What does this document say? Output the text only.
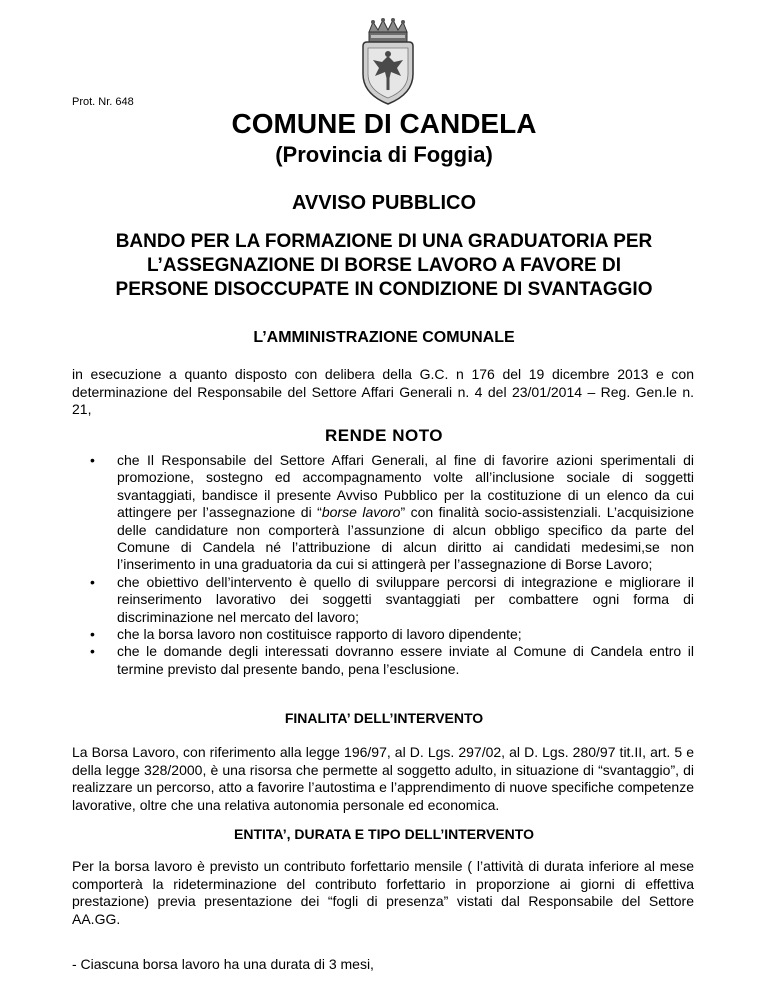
Prot. Nr. 648
COMUNE DI CANDELA
(Provincia di Foggia)
AVVISO PUBBLICO
BANDO PER LA FORMAZIONE DI UNA GRADUATORIA PER
L’ASSEGNAZIONE DI BORSE LAVORO A FAVORE DI
PERSONE DISOCCUPATE IN CONDIZIONE DI SVANTAGGIO
L’AMMINISTRAZIONE COMUNALE
in esecuzione a quanto disposto con delibera della G.C. n 176 del 19 dicembre 2013 e con determinazione del Responsabile del Settore Affari Generali n. 4 del 23/01/2014 – Reg. Gen.le n. 21,
RENDE NOTO
• che Il Responsabile del Settore Affari Generali, al fine di favorire azioni sperimentali di promozione, sostegno ed accompagnamento volte all’inclusione sociale di soggetti svantaggiati, bandisce il presente Avviso Pubblico per la costituzione di un elenco da cui attingere per l’assegnazione di “borse lavoro” con finalità socio-assistenziali. L’acquisizione delle candidature non comporterà l’assunzione di alcun obbligo specifico da parte del Comune di Candela né l’attribuzione di alcun diritto ai candidati medesimi,se non l’inserimento in una graduatoria da cui si attingerà per l’assegnazione di Borse Lavoro;
• che obiettivo dell’intervento è quello di sviluppare percorsi di integrazione e migliorare il reinserimento lavorativo dei soggetti svantaggiati per combattere ogni forma di discriminazione nel mercato del lavoro;
• che la borsa lavoro non costituisce rapporto di lavoro dipendente;
• che le domande degli interessati dovranno essere inviate al Comune di Candela entro il termine previsto dal presente bando, pena l’esclusione.
FINALITA’ DELL’INTERVENTO
La Borsa Lavoro, con riferimento alla legge 196/97, al D. Lgs. 297/02, al D. Lgs. 280/97 tit.II, art. 5 e della legge 328/2000, è una risorsa che permette al soggetto adulto, in situazione di “svantaggio”, di realizzare un percorso, atto a favorire l’autostima e l’apprendimento di nuove specifiche competenze lavorative, oltre che una relativa autonomia personale ed economica.
ENTITA’, DURATA E TIPO DELL’INTERVENTO
Per la borsa lavoro è previsto un contributo forfettario mensile ( l’attività di durata inferiore al mese comporterà la rideterminazione del contributo forfettario in proporzione ai giorni di effettiva prestazione) previa presentazione dei “fogli di presenza” vistati dal Responsabile del Settore AA.GG.
- Ciascuna borsa lavoro ha una durata di 3 mesi,
